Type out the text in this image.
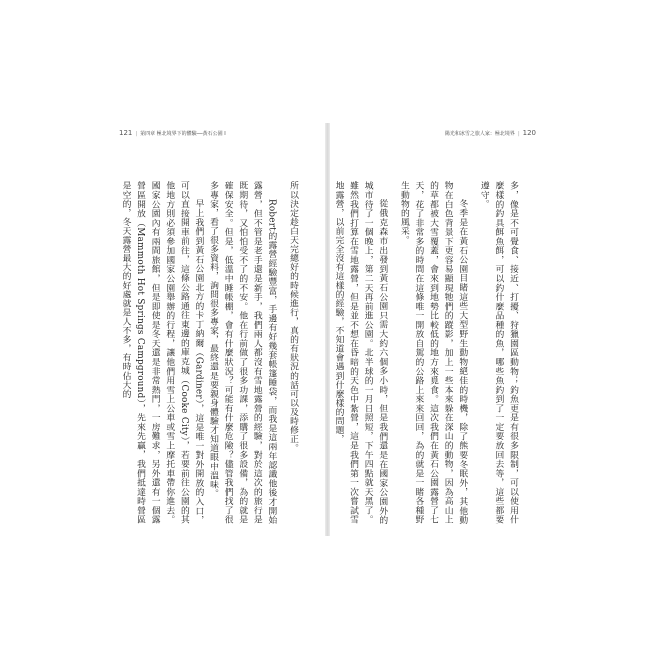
121 | 第四章 極北境界下的體驗──黃石公園 I

所以決定趁白天完總好的時候進行，真的有狀況的話可以及時修正。

Robert的露營經驗豐富，手邊有好幾套帳篷睡袋，而我是這兩年認識他後才開始露營，但不管是老手還是新手，我們兩人都沒有雪地露營的經驗，對於這次的旅行是既期待，又怕怕受不了的不安。他在行前做了很多功課，添購了很多設備，為的就是確保安全。但是，低溫中睡帳棚，會有什麼狀況？可能有什麼危險？儘管我們找了很多專家，看了很多資料，詢問很多專家，最終還是要親身體驗才知道眼中溫味。

早上我們到黃石公園北方的卡丁納爾（Gardiner），這是唯一對外開放的入口，可以直接開車前往，這條公路通往東邊的庫克城（Cooke City），若要前往公園的其他地方則必須參加國家公園舉辦的行程，讓他們用雪上公車或雪上摩托車帶你進去。國家公園內有兩間旅館，但是即使是冬天還是非常熱門，一房難求，另外還有一個露營區開放（Mammoth Hot Springs Campground），先來先贏，我們抵達時營區是空的，冬天露營最大的好處就是人不多，有時佔大的

陽光和冰雪之旅人家：極北境界 | 120

多，像是不可覺食、接近、打擾、狩獵園區動物；釣魚更是有很多限制，可以使用什麼樣的釣具餌魚餌，可以釣什麼品種的魚，哪些魚釣到了一定要放回去等，這些都要遵守。

冬季是在黃石公園目睹這些大型野生動物絕佳的時機，除了熊要冬眠外，其他動物在白色背景下更容易顯現牠們的蹤影，加上一些本來躲在深山的動物，因為高山上的草都被大雪覆蓋，會來到地勢比較低的地方來覓食。這次我們在黃石公園露營了七天，花了非常多的時間在這條唯一開放自駕的公路上來來回回，為的就是一睹各種野生動物的風采。

從俄克森市出發到黃石公園只需大約六個多小時，但是我們還是在國家公園外的城市待了一個晚上，第二天再前進公園。北半球的一月日照短，下午四點就天黑了。雖然我們打算在雪地露營，但是並不想在昏暗的天色中紮營，這是我們第一次嘗試雪地露營，以前完全沒有這樣的經驗，不知道會遇到什麼樣的問題，
